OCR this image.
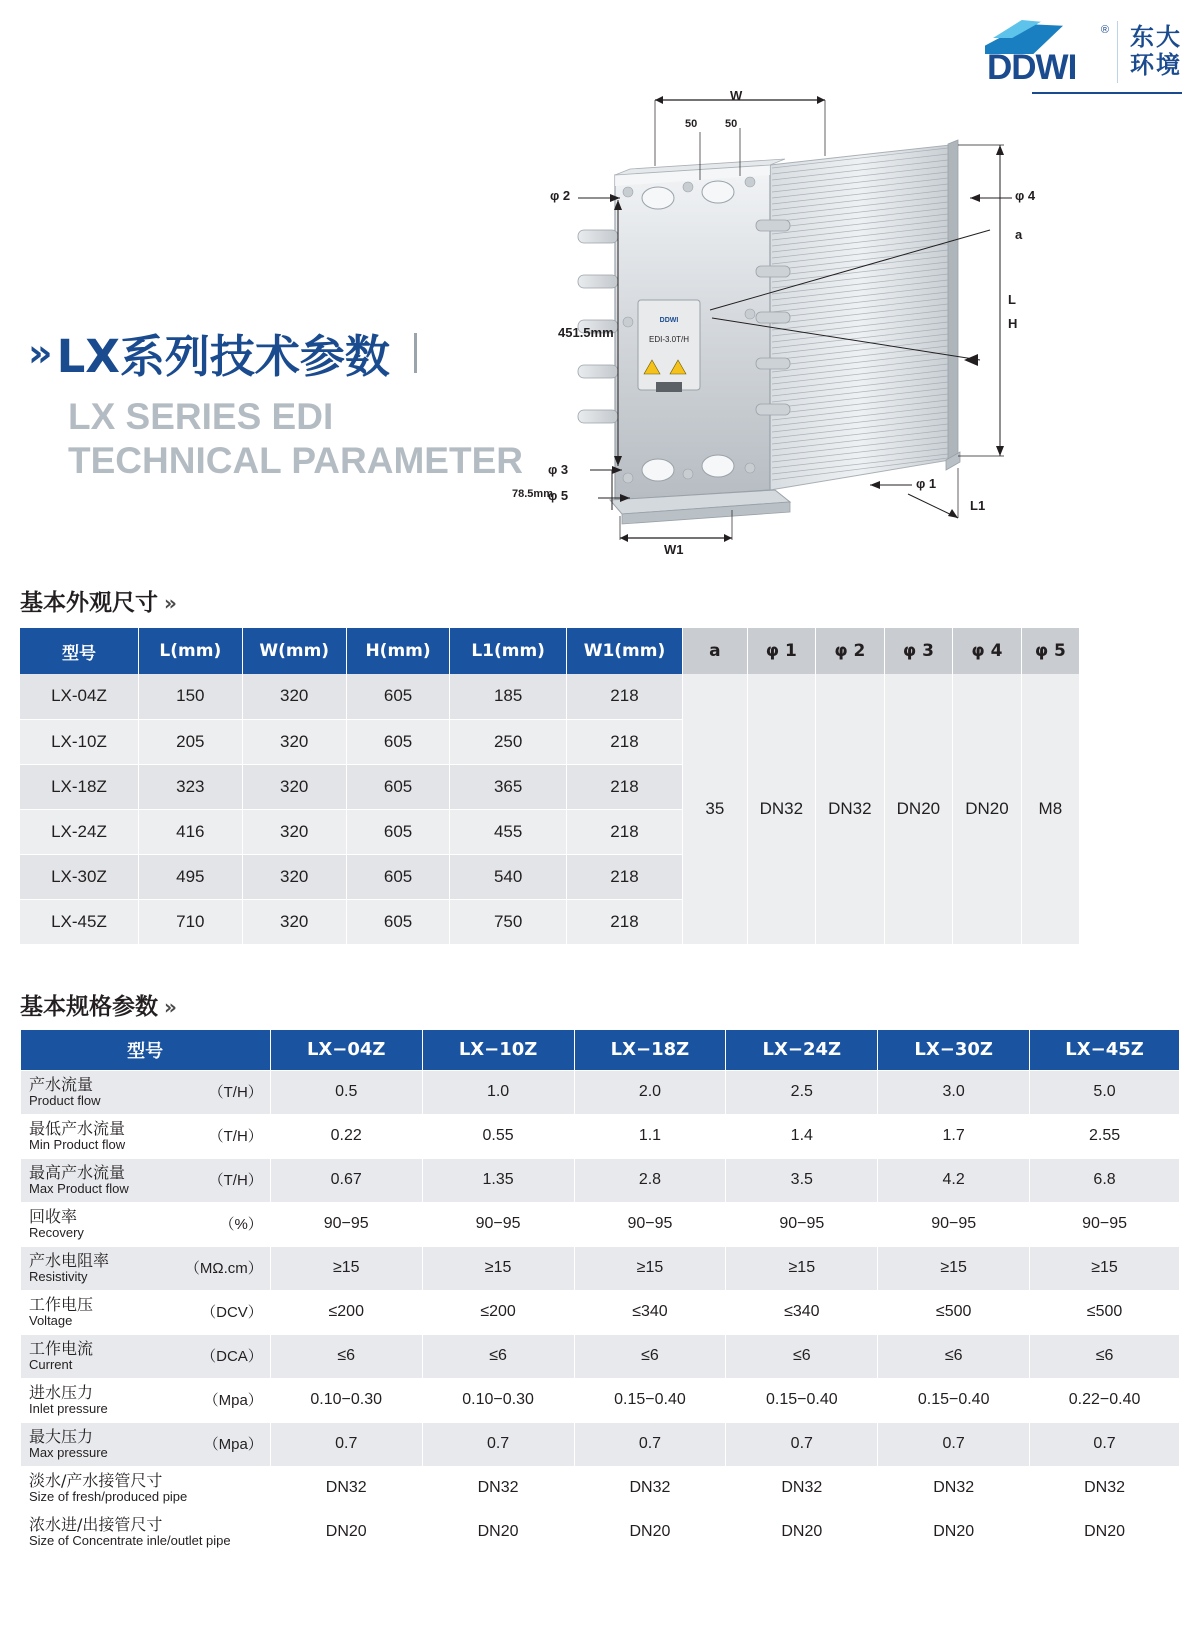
®
DDWI
东大
环境
» LX系列技术参数
LX SERIES EDI
TECHNICAL PARAMETER
DDWI
EDI-3.0T/H
W
50	50
φ 2	φ 4
a
L
H
451.5mm
φ 3
78.5mm
φ 5
φ 1
L1
W1
基本外观尺寸 »
型号	L(mm)	W(mm)	H(mm)	L1(mm)	W1(mm)	a	φ 1	φ 2	φ 3	φ 4	φ 5
LX-04Z	150	320	605	185	218	35	DN32	DN32	DN20	DN20	M8
LX-10Z	205	320	605	250	218						
LX-18Z	323	320	605	365	218						
LX-24Z	416	320	605	455	218						
LX-30Z	495	320	605	540	218						
LX-45Z	710	320	605	750	218						
基本规格参数 »
型号	LX−04Z	LX−10Z	LX−18Z	LX−24Z	LX−30Z	LX−45Z

产水流量
Product flow （T/H）	0.5	1.0	2.0	2.5	3.0	5.0

最低产水流量
Min Product flow （T/H）	0.22	0.55	1.1	1.4	1.7	2.55

最高产水流量
Max Product flow （T/H）	0.67	1.35	2.8	3.5	4.2	6.8

回收率
Recovery （%）	90−95	90−95	90−95	90−95	90−95	90−95

产水电阻率
Resistivity （MΩ.cm）	≥15	≥15	≥15	≥15	≥15	≥15

工作电压
Voltage （DCV）	≤200	≤200	≤340	≤340	≤500	≤500

工作电流
Current （DCA）	≤6	≤6	≤6	≤6	≤6	≤6

进水压力
Inlet pressure （Mpa）	0.10−0.30	0.10−0.30	0.15−0.40	0.15−0.40	0.15−0.40	0.22−0.40

最大压力
Max pressure （Mpa）	0.7	0.7	0.7	0.7	0.7	0.7

淡水/产水接管尺寸
Size of fresh/produced pipe	DN32	DN32	DN32	DN32	DN32	DN32

浓水进/出接管尺寸
Size of Concentrate inle/outlet pipe	DN20	DN20	DN20	DN20	DN20	DN20
